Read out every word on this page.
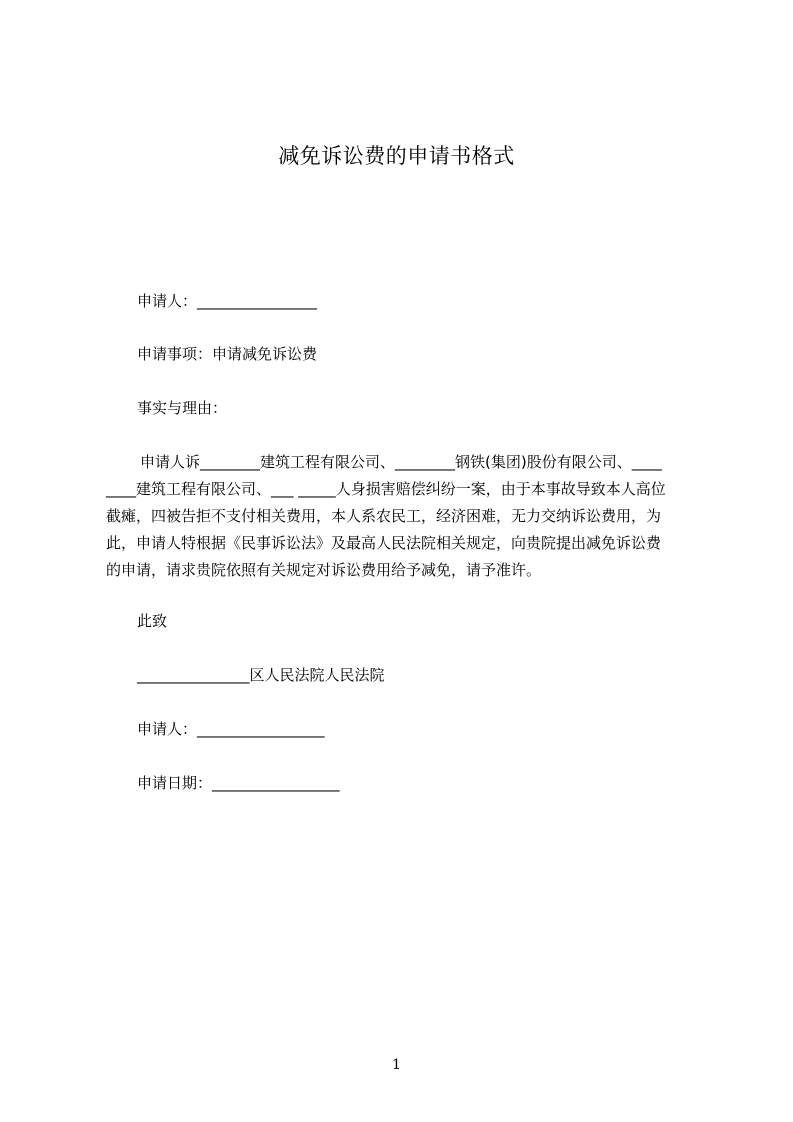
减免诉讼费的申请书格式
申请人：________________
申请事项：申请减免诉讼费
事实与理由：
申请人诉________建筑工程有限公司、________钢铁(集团)股份有限公司、____
____建筑工程有限公司、___ _____人身损害赔偿纠纷一案，由于本事故导致本人高位
截瘫，四被告拒不支付相关费用，本人系农民工，经济困难，无力交纳诉讼费用，为
此，申请人特根据《民事诉讼法》及最高人民法院相关规定，向贵院提出减免诉讼费
的申请，请求贵院依照有关规定对诉讼费用给予减免，请予准许。
此致
_______________区人民法院人民法院
申请人：_________________
申请日期：_________________
1
